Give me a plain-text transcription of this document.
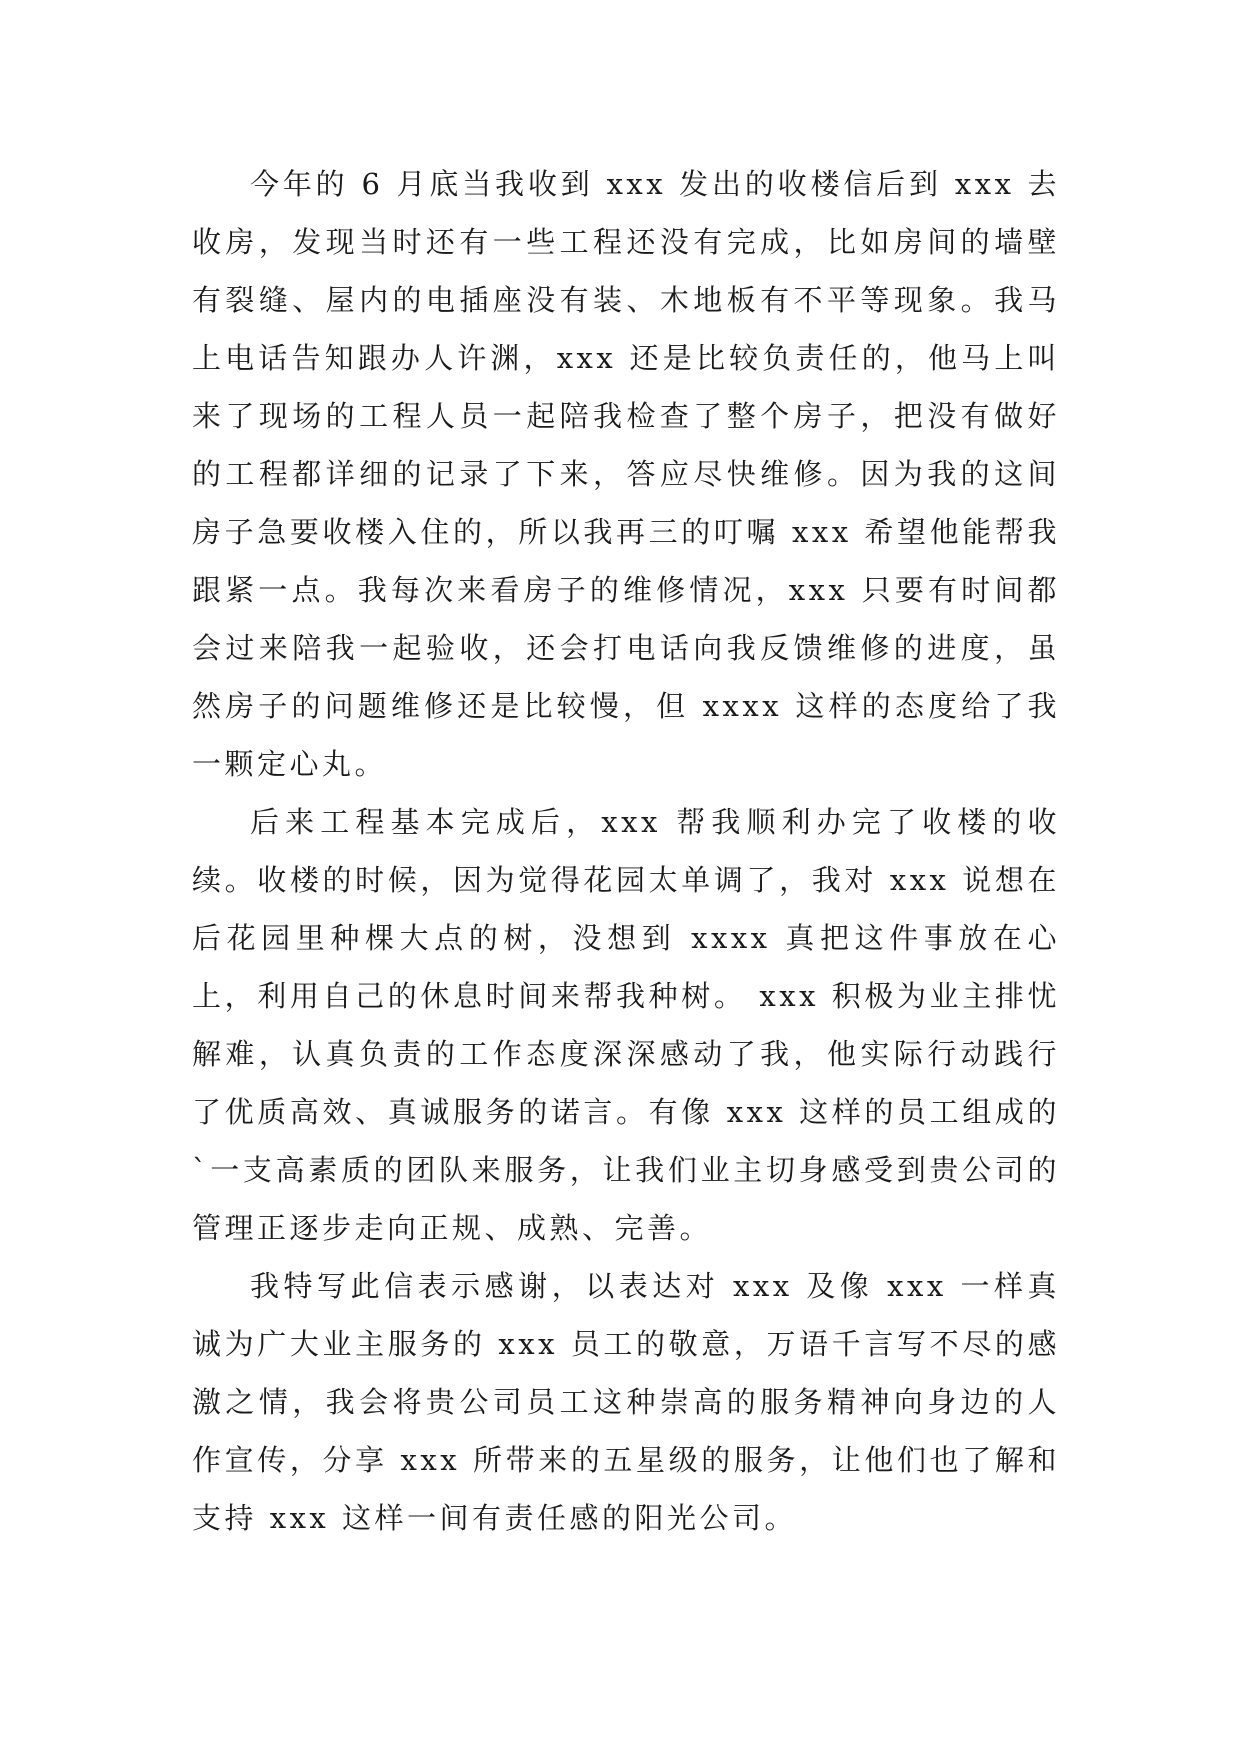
今年的 6 月底当我收到 xxx 发出的收楼信后到 xxx 去收房，发现当时还有一些工程还没有完成，比如房间的墙壁有裂缝、屋内的电插座没有装、木地板有不平等现象。我马上电话告知跟办人许渊，xxx 还是比较负责任的，他马上叫来了现场的工程人员一起陪我检查了整个房子，把没有做好的工程都详细的记录了下来，答应尽快维修。因为我的这间房子急要收楼入住的，所以我再三的叮嘱 xxx 希望他能帮我跟紧一点。我每次来看房子的维修情况，xxx 只要有时间都会过来陪我一起验收，还会打电话向我反馈维修的进度，虽然房子的问题维修还是比较慢，但 xxxx 这样的态度给了我一颗定心丸。

后来工程基本完成后，xxx 帮我顺利办完了收楼的收续。收楼的时候，因为觉得花园太单调了，我对 xxx 说想在后花园里种棵大点的树，没想到 xxxx 真把这件事放在心上，利用自己的休息时间来帮我种树。 xxx 积极为业主排忧解难，认真负责的工作态度深深感动了我，他实际行动践行了优质高效、真诚服务的诺言。有像 xxx 这样的员工组成的`一支高素质的团队来服务，让我们业主切身感受到贵公司的管理正逐步走向正规、成熟、完善。

我特写此信表示感谢，以表达对 xxx 及像 xxx 一样真诚为广大业主服务的 xxx 员工的敬意，万语千言写不尽的感激之情，我会将贵公司员工这种崇高的服务精神向身边的人作宣传，分享 xxx 所带来的五星级的服务，让他们也了解和支持 xxx 这样一间有责任感的阳光公司。
